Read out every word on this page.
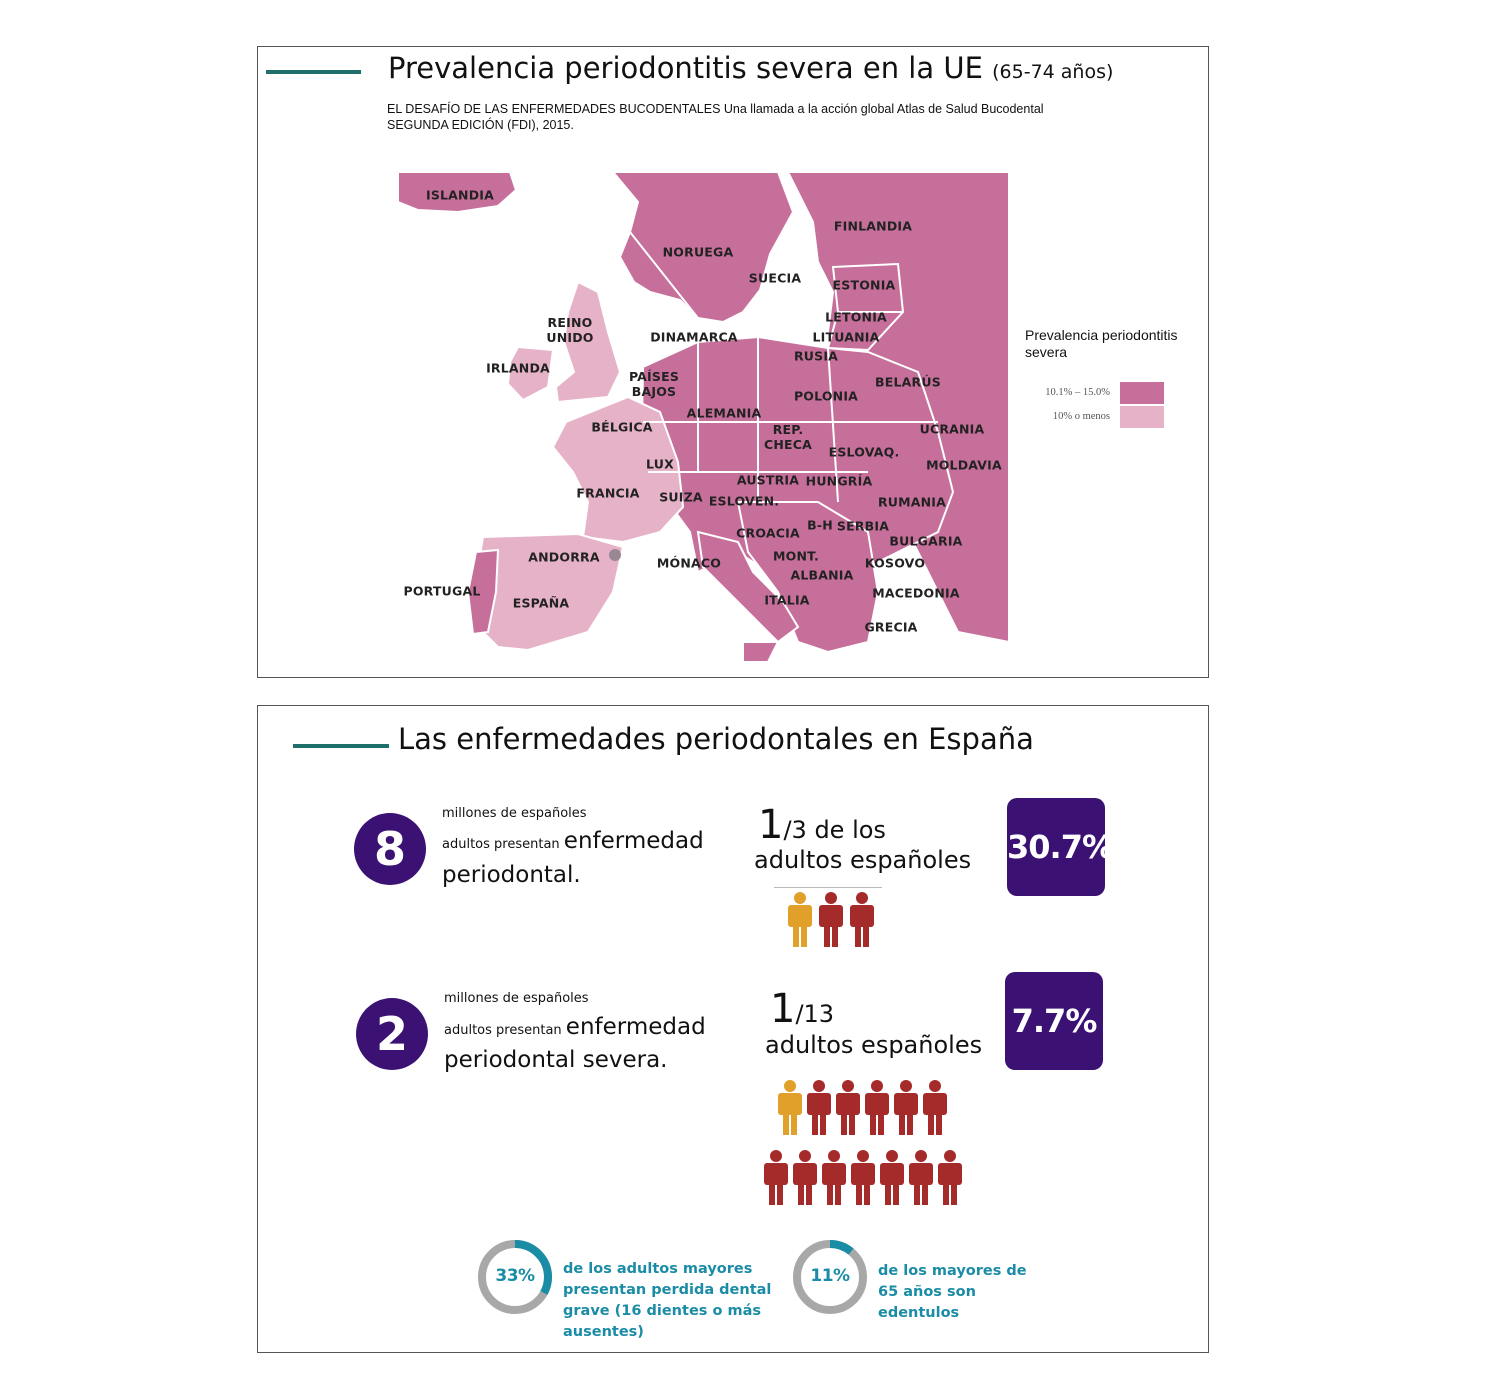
Prevalencia periodontitis severa en la UE (65-74 años)
EL DESAFÍO DE LAS ENFERMEDADES BUCODENTALES Una llamada a la acción global Atlas de Salud Bucodental
SEGUNDA EDICIÓN (FDI), 2015.
ISLANDIA
NORUEGA
SUECIA
FINLANDIA
ESTONIA
LETONIA
LITUANIA
RUSIA
REINO UNIDO	DINAMARCA
IRLANDA
PAÍSES BAJOS
ALEMANIA
POLONIA
BELARÚS
BÉLGICA	REP. CHECA	ESLOVAQ.
UCRANIA
LUX
AUSTRIA HUNGRÍA
MOLDAVIA
FRANCIA SUIZA ESLOVEN.	RUMANIA
CROACIA
B-H SERBIA
ANDORRA	MÓNACO	MONT.	KOSOVO
BULGARIA
ALBANIA
PORTUGAL
ESPAÑA	ITALIA	MACEDONIA
GRECIA
Prevalencia periodontitis severa
10.1% – 15.0%
10% o menos
Las enfermedades periodontales en España
8
millones de españoles
adultos presentan enfermedad
periodontal.
1/3 de los
adultos españoles 30.7%
2
millones de españoles
adultos presentan enfermedad
periodontal severa.
1/13
adultos españoles
7.7%
33%	de los adultos mayores
presentan perdida dental
grave (16 dientes o más
ausentes)
11%	de los mayores de
65 años son
edentulos
